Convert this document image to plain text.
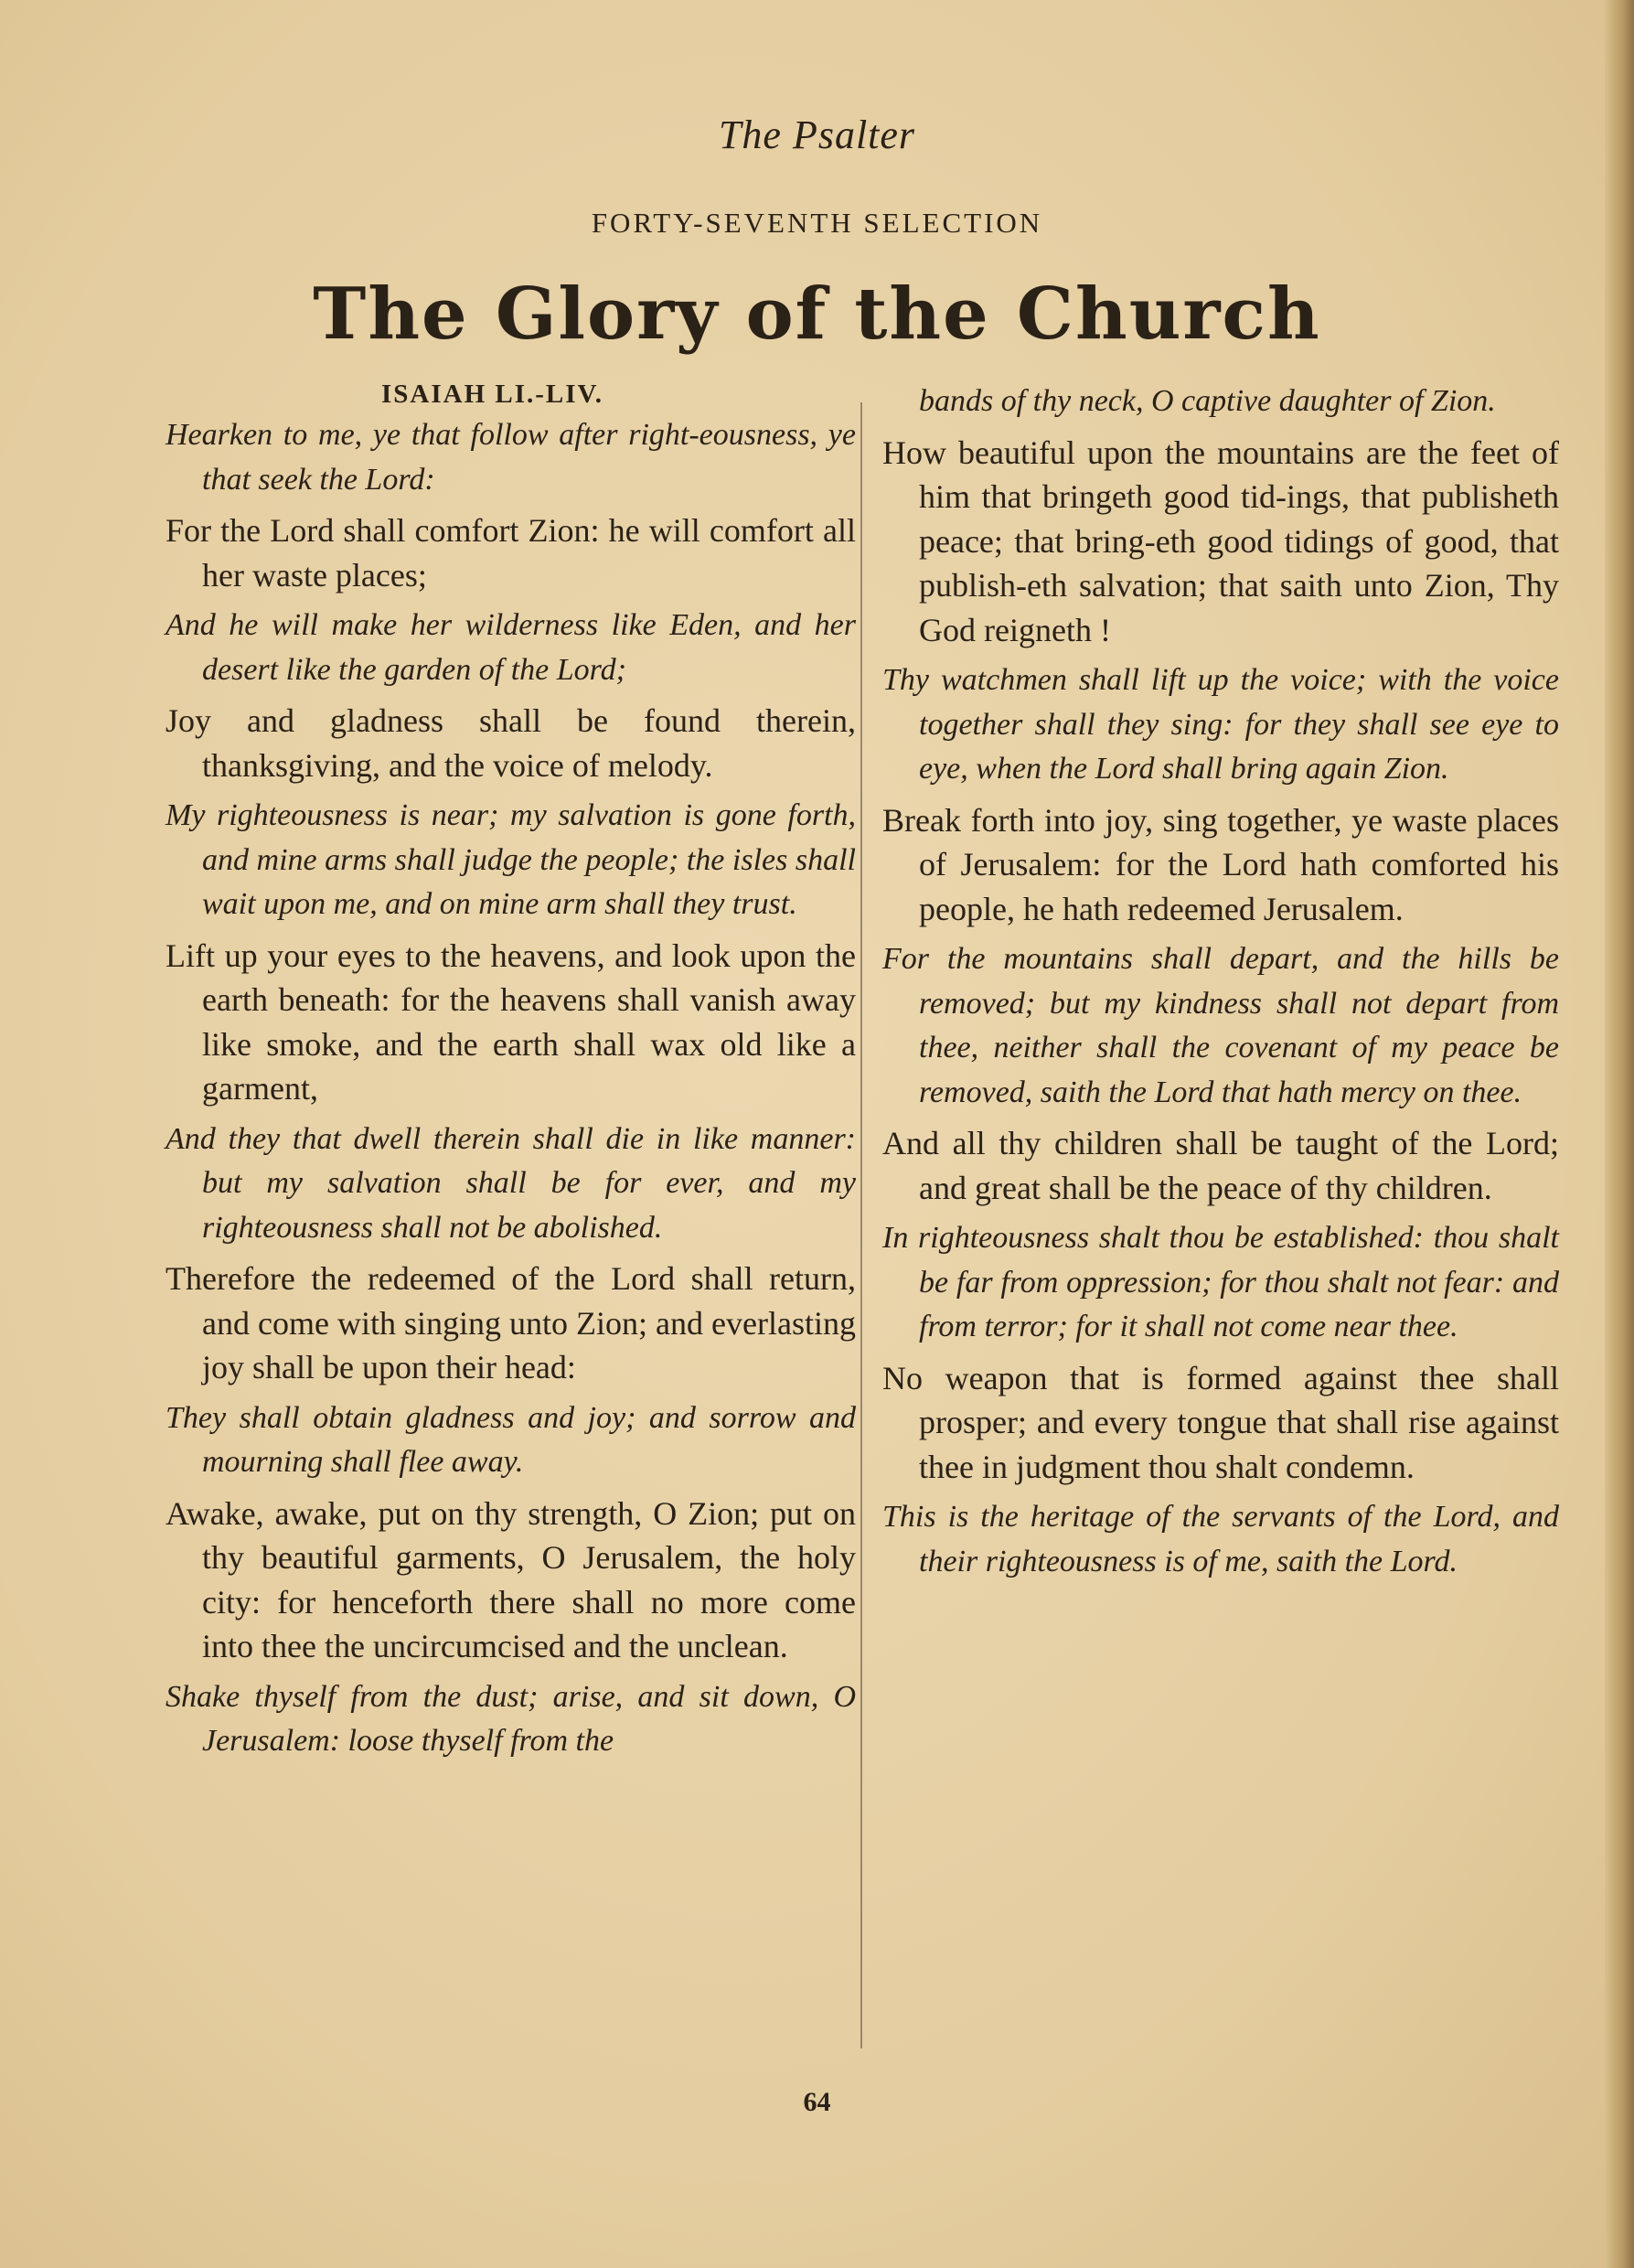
The Psalter
FORTY-SEVENTH SELECTION
The Glory of the Church
ISAIAH LI.-LIV.

Hearken to me, ye that follow after right-eousness, ye that seek the Lord:

For the Lord shall comfort Zion: he will comfort all her waste places;

And he will make her wilderness like Eden, and her desert like the garden of the Lord;

Joy and gladness shall be found therein, thanksgiving, and the voice of melody.

My righteousness is near; my salvation is gone forth, and mine arms shall judge the people; the isles shall wait upon me, and on mine arm shall they trust.

Lift up your eyes to the heavens, and look upon the earth beneath: for the heavens shall vanish away like smoke, and the earth shall wax old like a garment,

And they that dwell therein shall die in like manner: but my salvation shall be for ever, and my righteousness shall not be abolished.

Therefore the redeemed of the Lord shall return, and come with singing unto Zion; and everlasting joy shall be upon their head:

They shall obtain gladness and joy; and sorrow and mourning shall flee away.

Awake, awake, put on thy strength, O Zion; put on thy beautiful garments, O Jerusalem, the holy city: for henceforth there shall no more come into thee the uncircumcised and the unclean.

Shake thyself from the dust; arise, and sit down, O Jerusalem: loose thyself from the

bands of thy neck, O captive daughter of Zion.

How beautiful upon the mountains are the feet of him that bringeth good tid-ings, that publisheth peace; that bring-eth good tidings of good, that publish-eth salvation; that saith unto Zion, Thy God reigneth !

Thy watchmen shall lift up the voice; with the voice together shall they sing: for they shall see eye to eye, when the Lord shall bring again Zion.

Break forth into joy, sing together, ye waste places of Jerusalem: for the Lord hath comforted his people, he hath redeemed Jerusalem.

For the mountains shall depart, and the hills be removed; but my kindness shall not depart from thee, neither shall the covenant of my peace be removed, saith the Lord that hath mercy on thee.

And all thy children shall be taught of the Lord; and great shall be the peace of thy children.

In righteousness shalt thou be established: thou shalt be far from oppression; for thou shalt not fear: and from terror; for it shall not come near thee.

No weapon that is formed against thee shall prosper; and every tongue that shall rise against thee in judgment thou shalt condemn.

This is the heritage of the servants of the Lord, and their righteousness is of me, saith the Lord.

64
